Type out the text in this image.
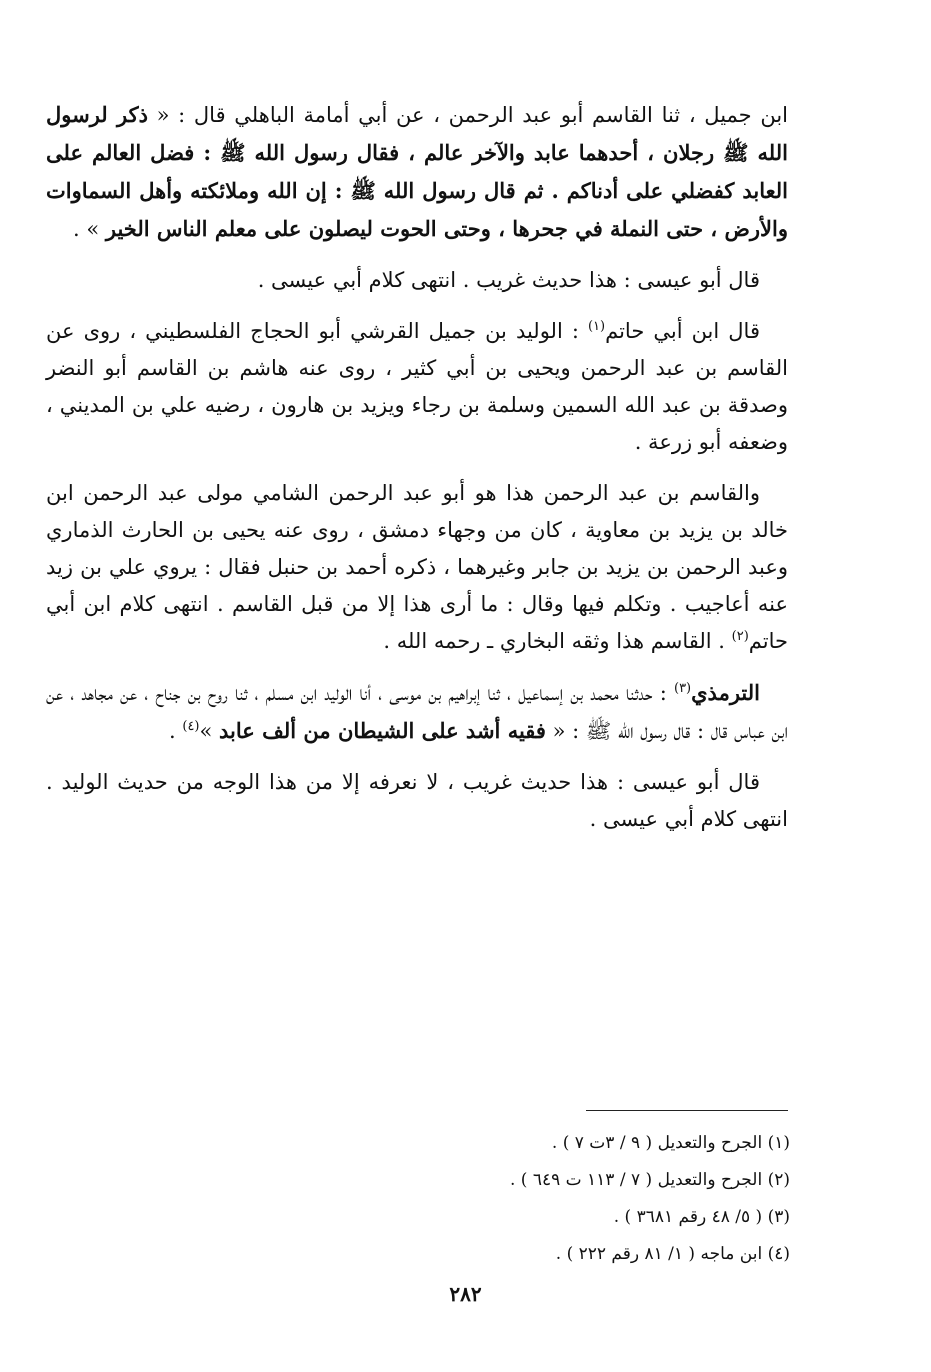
ابن جميل ، ثنا القاسم أبو عبد الرحمن ، عن أبي أمامة الباهلي قال : « ذكر لرسول الله ﷺ رجلان ، أحدهما عابد والآخر عالم ، فقال رسول الله ﷺ : فضل العالم على العابد كفضلي على أدناكم . ثم قال رسول الله ﷺ : إن الله وملائكته وأهل السماوات والأرض ، حتى النملة في جحرها ، وحتى الحوت ليصلون على معلم الناس الخير » .

قال أبو عيسى : هذا حديث غريب . انتهى كلام أبي عيسى .

قال ابن أبي حاتم$^{(١)}$ : الوليد بن جميل القرشي أبو الحجاج الفلسطيني ، روى عن القاسم بن عبد الرحمن ويحيى بن أبي كثير ، روى عنه هاشم بن القاسم أبو النضر وصدقة بن عبد الله السمين وسلمة بن رجاء ويزيد بن هارون ، رضيه علي بن المديني ، وضعفه أبو زرعة .

والقاسم بن عبد الرحمن هذا هو أبو عبد الرحمن الشامي مولى عبد الرحمن ابن خالد بن يزيد بن معاوية ، كان من وجهاء دمشق ، روى عنه يحيى بن الحارث الذماري وعبد الرحمن بن يزيد بن جابر وغيرهما ، ذكره أحمد بن حنبل فقال : يروي علي بن زيد عنه أعاجيب . وتكلم فيها وقال : ما أرى هذا إلا من قبل القاسم . انتهى كلام ابن أبي حاتم$^{(٢)}$ . القاسم هذا وثقه البخاري ـ رحمه الله .

الترمذي$^{(٣)}$ : حدثنا محمد بن إسماعيل ، ثنا إبراهيم بن موسى ، أنا الوليد ابن مسلم ، ثنا روح بن جناح ، عن مجاهد ، عن ابن عباس قال : قال رسول الله ﷺ : « فقيه أشد على الشيطان من ألف عابد »$^{(٤)}$ .

قال أبو عيسى : هذا حديث غريب ، لا نعرفه إلا من هذا الوجه من حديث الوليد . انتهى كلام أبي عيسى .

(١) الجرح والتعديل ( ٩ / ٣ت ٧ ) .

(٢) الجرح والتعديل ( ٧ / ١١٣ ت ٦٤٩ ) .

(٣) ( ٥/ ٤٨ رقم ٣٦٨١ ) .

(٤) ابن ماجه ( ١/ ٨١ رقم ٢٢٢ ) .

٢٨٢
